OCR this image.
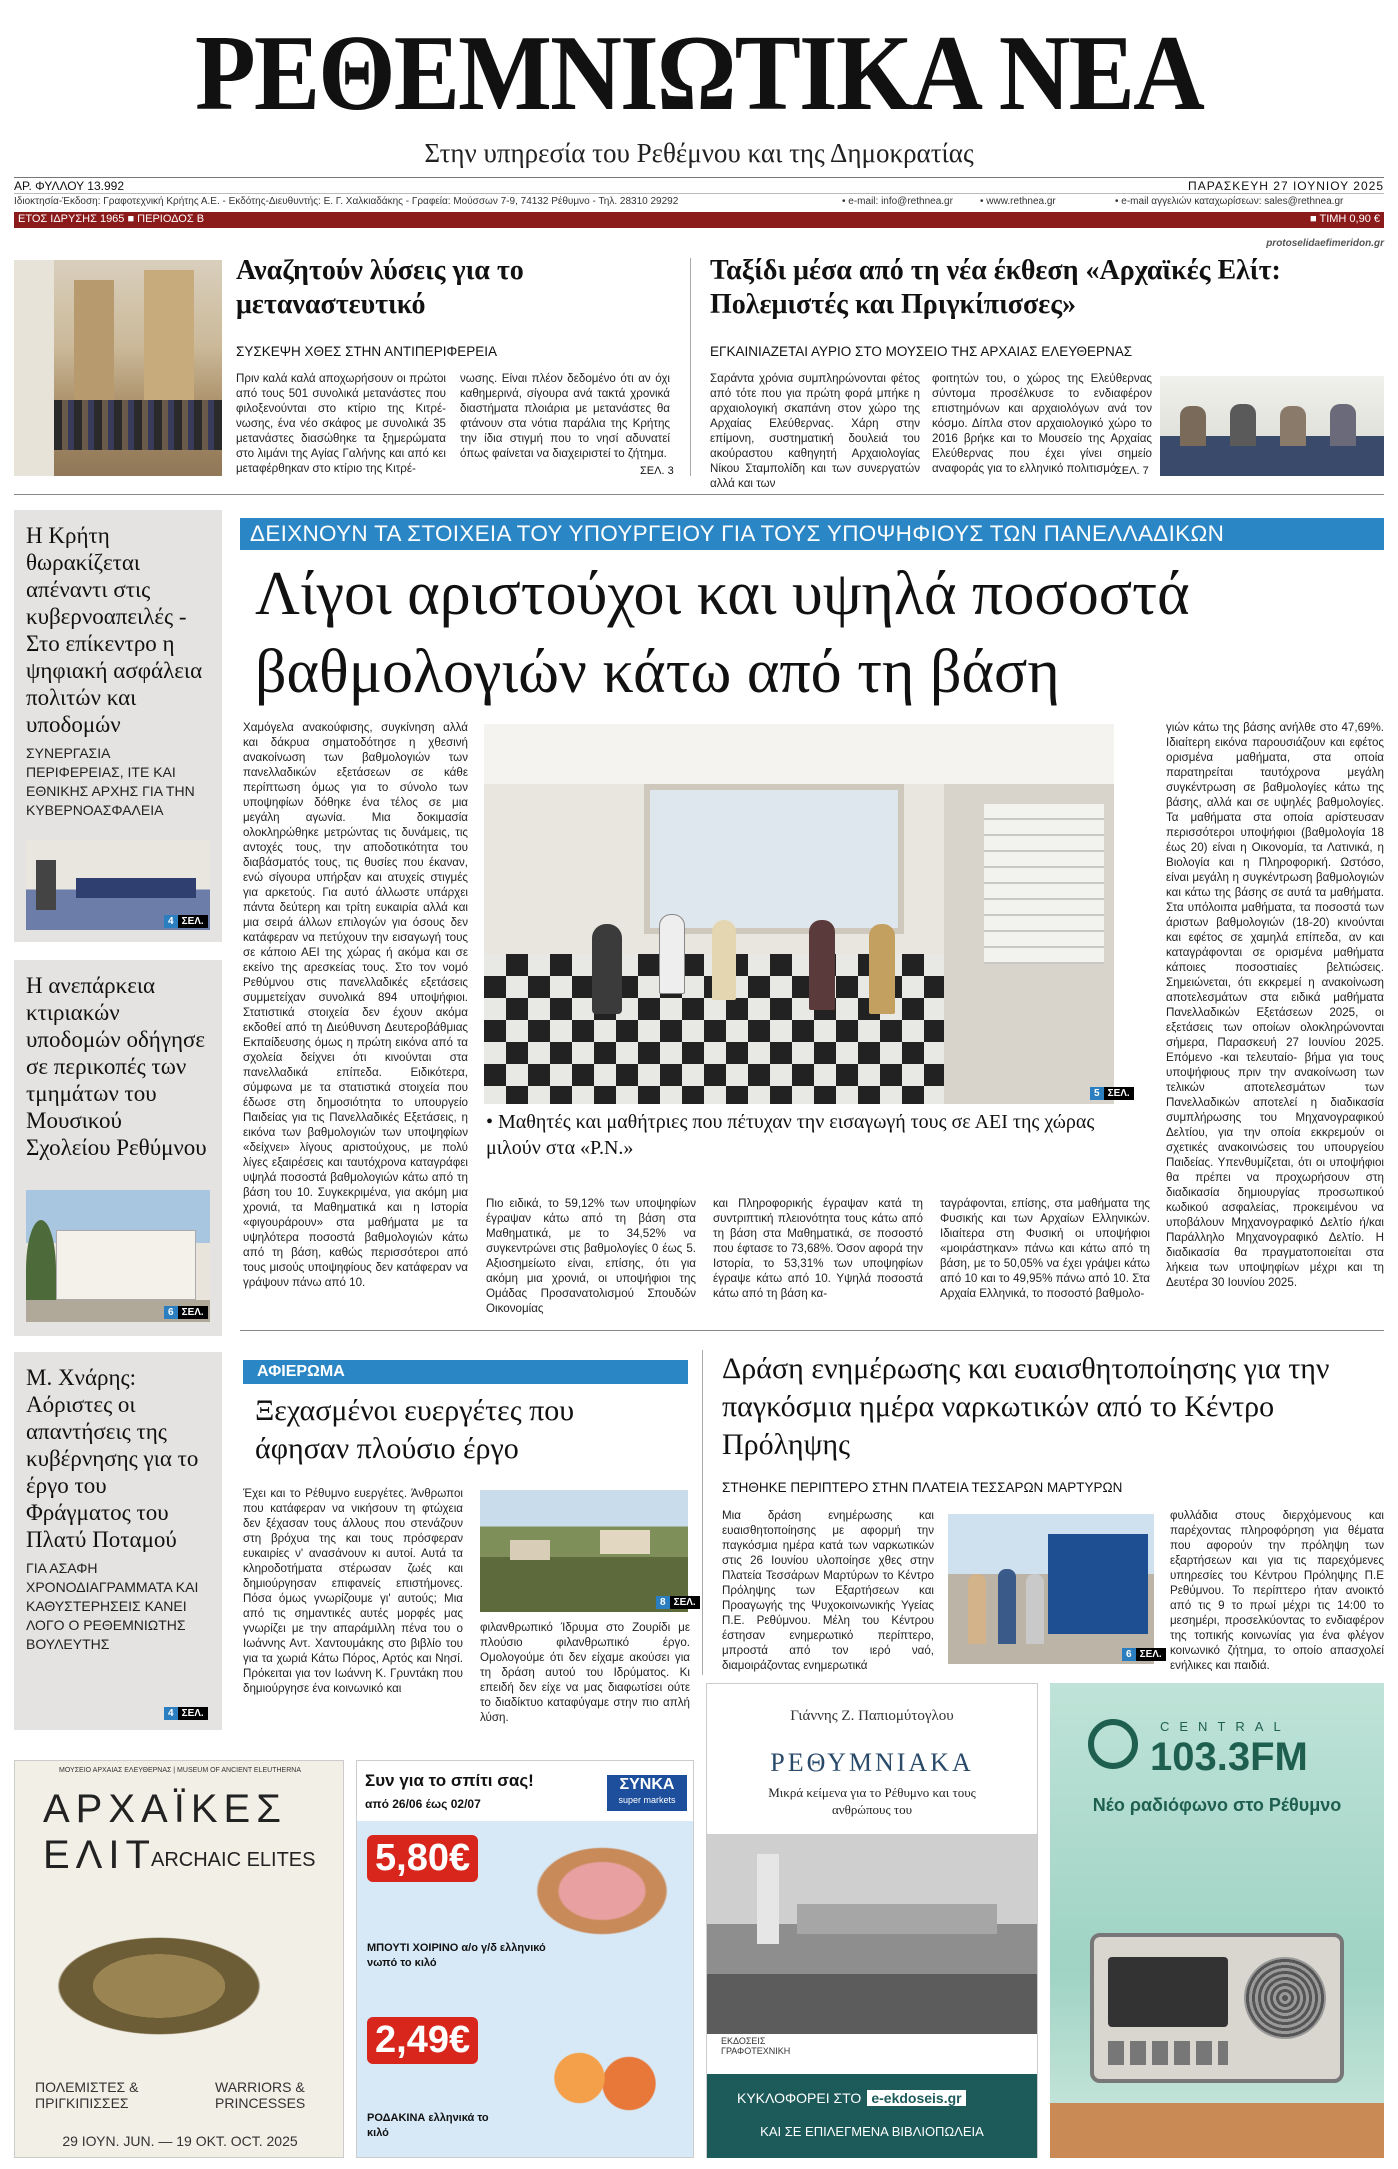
ΡΕΘΕΜΝΙΩΤΙΚΑ ΝΕΑ
Στην υπηρεσία του Ρεθέμνου και της Δημοκρατίας
ΑΡ. ΦΥΛΛΟΥ 13.992	ΠΑΡΑΣΚΕΥΗ 27 ΙΟΥΝΙΟΥ 2025
Ιδιοκτησία-Έκδοση: Γραφοτεχνική Κρήτης Α.Ε. - Εκδότης-Διευθυντής: Ε. Γ. Χαλκιαδάκης - Γραφεία: Μούσσων 7-9, 74132 Ρέθυμνο - Τηλ. 28310 29292	• e-mail: info@rethnea.gr	• www.rethnea.gr	• e-mail αγγελιών καταχωρίσεων: sales@rethnea.gr
ΕΤΟΣ ΙΔΡΥΣΗΣ 1965 ■ ΠΕΡΙΟΔΟΣ Β	■ ΤΙΜΗ 0,90 €
protoselidaefimeridon.gr
Αναζητούν λύσεις για το μεταναστευτικό
ΣΥΣΚΕΨΗ ΧΘΕΣ ΣΤΗΝ ΑΝΤΙΠΕΡΙΦΕΡΕΙΑ
Πριν καλά καλά αποχωρήσουν οι πρώτοι από τους 501 συνολικά μετανάστες που φιλοξενούνται στο κτίριο της Κιτρέ-νωσης, ένα νέο σκάφος με συνολικά 35 μετανάστες διασώθηκε τα ξημερώματα στο λιμάνι της Αγίας Γαλήνης και από κει μεταφέρθηκαν στο κτίριο της Κιτρέ-
νωσης. Είναι πλέον δεδομένο ότι αν όχι καθημερινά, σίγουρα ανά τακτά χρονικά διαστήματα πλοιάρια με μετανάστες θα φτάνουν στα νότια παράλια της Κρήτης την ίδια στιγμή που το νησί αδυνατεί όπως φαίνεται να διαχειριστεί το ζήτημα.
ΣΕΛ. 3
Ταξίδι μέσα από τη νέα έκθεση «Αρχαϊκές Ελίτ: Πολεμιστές και Πριγκίπισσες»
ΕΓΚΑΙΝΙΑΖΕΤΑΙ ΑΥΡΙΟ ΣΤΟ ΜΟΥΣΕΙΟ ΤΗΣ ΑΡΧΑΙΑΣ ΕΛΕΥΘΕΡΝΑΣ
Σαράντα χρόνια συμπληρώνονται φέτος από τότε που για πρώτη φορά μπήκε η αρχαιολογική σκαπάνη στον χώρο της Αρχαίας Ελεύθερνας. Χάρη στην επίμονη, συστηματική δουλειά του ακούραστου καθηγητή Αρχαιολογίας Νίκου Σταμπολίδη και των συνεργατών αλλά και των
φοιτητών του, ο χώρος της Ελεύθερνας σύντομα προσέλκυσε το ενδιαφέρον επιστημόνων και αρχαιολόγων ανά τον κόσμο. Δίπλα στον αρχαιολογικό χώρο το 2016 βρήκε και το Μουσείο της Αρχαίας Ελεύθερνας που έχει γίνει σημείο αναφοράς για το ελληνικό πολιτισμό.
ΣΕΛ. 7
Η Κρήτη θωρακίζεται απέναντι στις κυβερνοαπειλές - Στο επίκεντρο η ψηφιακή ασφάλεια πολιτών και υποδομών
ΣΥΝΕΡΓΑΣΙΑ ΠΕΡΙΦΕΡΕΙΑΣ, ΙΤΕ ΚΑΙ ΕΘΝΙΚΗΣ ΑΡΧΗΣ ΓΙΑ ΤΗΝ ΚΥΒΕΡΝΟΑΣΦΑΛΕΙΑ
4 ΣΕΛ.
Η ανεπάρκεια κτιριακών υποδομών οδήγησε σε περικοπές των τμημάτων του Μουσικού Σχολείου Ρεθύμνου
6 ΣΕΛ.
Μ. Χνάρης: Αόριστες οι απαντήσεις της κυβέρνησης για το έργο του Φράγματος του Πλατύ Ποταμού
ΓΙΑ ΑΣΑΦΗ ΧΡΟΝΟΔΙΑΓΡΑΜΜΑΤΑ ΚΑΙ ΚΑΘΥΣΤΕΡΗΣΕΙΣ ΚΑΝΕΙ ΛΟΓΟ Ο ΡΕΘΕΜΝΙΩΤΗΣ ΒΟΥΛΕΥΤΗΣ
4 ΣΕΛ.
ΔΕΙΧΝΟΥΝ ΤΑ ΣΤΟΙΧΕΙΑ ΤΟΥ ΥΠΟΥΡΓΕΙΟΥ ΓΙΑ ΤΟΥΣ ΥΠΟΨΗΦΙΟΥΣ ΤΩΝ ΠΑΝΕΛΛΑΔΙΚΩΝ
Λίγοι αριστούχοι και υψηλά ποσοστά
βαθμολογιών κάτω από τη βάση
Χαμόγελα ανακούφισης, συγκίνηση αλλά και δάκρυα σηματοδότησε η χθεσινή ανακοίνωση των βαθμολογιών των πανελλαδικών εξετάσεων σε κάθε περίπτωση όμως για το σύνολο των υποψηφίων δόθηκε ένα τέλος σε μια μεγάλη αγωνία. Μια δοκιμασία ολοκληρώθηκε μετρώντας τις δυνάμεις, τις αντοχές τους, την αποδοτικότητα του διαβάσματός τους, τις θυσίες που έκαναν, ενώ σίγουρα υπήρξαν και ατυχείς στιγμές για αρκετούς. Για αυτό άλλωστε υπάρχει πάντα δεύτερη και τρίτη ευκαιρία αλλά και μια σειρά άλλων επιλογών για όσους δεν κατάφεραν να πετύχουν την εισαγωγή τους σε κάποιο ΑΕΙ της χώρας ή ακόμα και σε εκείνο της αρεσκείας τους. Στο τον νομό Ρεθύμνου στις πανελλαδικές εξετάσεις συμμετείχαν συνολικά 894 υποψήφιοι. Στατιστικά στοιχεία δεν έχουν ακόμα εκδοθεί από τη Διεύθυνση Δευτεροβάθμιας Εκπαίδευσης όμως η πρώτη εικόνα από τα σχολεία δείχνει ότι κινούνται στα πανελλαδικά επίπεδα. Ειδικότερα, σύμφωνα με τα στατιστικά στοιχεία που έδωσε στη δημοσιότητα το υπουργείο Παιδείας για τις Πανελλαδικές Εξετάσεις, η εικόνα των βαθμολογιών των υποψηφίων «δείχνει» λίγους αριστούχους, με πολύ λίγες εξαιρέσεις και ταυτόχρονα καταγράφει υψηλά ποσοστά βαθμολογιών κάτω από τη βάση του 10. Συγκεκριμένα, για ακόμη μια χρονιά, τα Μαθηματικά και η Ιστορία «φιγουράρουν» στα μαθήματα με τα υψηλότερα ποσοστά βαθμολογιών κάτω από τη βάση, καθώς περισσότεροι από τους μισούς υποψηφίους δεν κατάφεραν να γράψουν πάνω από 10.
5 ΣΕΛ.
• Μαθητές και μαθήτριες που πέτυχαν την εισαγωγή τους σε ΑΕΙ της χώρας μιλούν στα «Ρ.Ν.»
Πιο ειδικά, το 59,12% των υποψηφίων έγραψαν κάτω από τη βάση στα Μαθηματικά, με το 34,52% να συγκεντρώνει στις βαθμολογίες 0 έως 5. Αξιοσημείωτο είναι, επίσης, ότι για ακόμη μια χρονιά, οι υποψήφιοι της Ομάδας Προσανατολισμού Σπουδών Οικονομίας
και Πληροφορικής έγραψαν κατά τη συντριπτική πλειονότητα τους κάτω από τη βάση στα Μαθηματικά, σε ποσοστό που έφτασε το 73,68%. Όσον αφορά την Ιστορία, το 53,31% των υποψηφίων έγραψε κάτω από 10. Υψηλά ποσοστά κάτω από τη βάση κα-
ταγράφονται, επίσης, στα μαθήματα της Φυσικής και των Αρχαίων Ελληνικών. Ιδιαίτερα στη Φυσική οι υποψήφιοι «μοιράστηκαν» πάνω και κάτω από τη βάση, με το 50,05% να έχει γράψει κάτω από 10 και το 49,95% πάνω από 10. Στα Αρχαία Ελληνικά, το ποσοστό βαθμολο-
γιών κάτω της βάσης ανήλθε στο 47,69%. Ιδιαίτερη εικόνα παρουσιάζουν και εφέτος ορισμένα μαθήματα, στα οποία παρατηρείται ταυτόχρονα μεγάλη συγκέντρωση σε βαθμολογίες κάτω της βάσης, αλλά και σε υψηλές βαθμολογίες. Τα μαθήματα στα οποία αρίστευσαν περισσότεροι υποψήφιοι (βαθμολογία 18 έως 20) είναι η Οικονομία, τα Λατινικά, η Βιολογία και η Πληροφορική. Ωστόσο, είναι μεγάλη η συγκέντρωση βαθμολογιών και κάτω της βάσης σε αυτά τα μαθήματα. Στα υπόλοιπα μαθήματα, τα ποσοστά των άριστων βαθμολογιών (18-20) κινούνται και εφέτος σε χαμηλά επίπεδα, αν και καταγράφονται σε ορισμένα μαθήματα κάποιες ποσοστιαίες βελτιώσεις. Σημειώνεται, ότι εκκρεμεί η ανακοίνωση αποτελεσμάτων στα ειδικά μαθήματα Πανελλαδικών Εξετάσεων 2025, οι εξετάσεις των οποίων ολοκληρώνονται σήμερα, Παρασκευή 27 Ιουνίου 2025. Επόμενο -και τελευταίο- βήμα για τους υποψήφιους πριν την ανακοίνωση των τελικών αποτελεσμάτων των Πανελλαδικών αποτελεί η διαδικασία συμπλήρωσης του Μηχανογραφικού Δελτίου, για την οποία εκκρεμούν οι σχετικές ανακοινώσεις του υπουργείου Παιδείας. Υπενθυμίζεται, ότι οι υποψήφιοι θα πρέπει να προχωρήσουν στη διαδικασία δημιουργίας προσωπικού κωδικού ασφαλείας, προκειμένου να υποβάλουν Μηχανογραφικό Δελτίο ή/και Παράλληλο Μηχανογραφικό Δελτίο. Η διαδικασία θα πραγματοποιείται στα λήκεια των υποψηφίων μέχρι και τη Δευτέρα 30 Ιουνίου 2025.
ΑΦΙΕΡΩΜΑ
Ξεχασμένοι ευεργέτες που άφησαν πλούσιο έργο
Έχει και το Ρέθυμνο ευεργέτες. Άνθρωποι που κατάφεραν να νικήσουν τη φτώχεια δεν ξέχασαν τους άλλους που στενάζουν στη βρόχυα της και τους πρόσφεραν ευκαιρίες ν' ανασάνουν κι αυτοί. Αυτά τα κληροδοτήματα στέρωσαν ζωές και δημιούργησαν επιφανείς επιστήμονες. Πόσα όμως γνωρίζουμε γι' αυτούς; Μια από τις σημαντικές αυτές μορφές μας γνωρίζει με την απαράμιλλη πένα του ο Ιωάννης Αντ. Χαντουμάκης στο βιβλίο του για τα χωριά Κάτω Πόρος, Αρτός και Νησί. Πρόκειται για τον Ιωάννη Κ. Γρυντάκη που δημιούργησε ένα κοινωνικό και
8 ΣΕΛ.
φιλανθρωπικό Ίδρυμα στο Ζουρίδι με πλούσιο φιλανθρωπικό έργο. Ομολογούμε ότι δεν είχαμε ακούσει για τη δράση αυτού του Ιδρύματος. Κι επειδή δεν είχε να μας διαφωτίσει ούτε το διαδίκτυο καταφύγαμε στην πιο απλή λύση.
Δράση ενημέρωσης και ευαισθητοποίησης για την παγκόσμια ημέρα ναρκωτικών από το Κέντρο Πρόληψης
ΣΤΗΘΗΚΕ ΠΕΡΙΠΤΕΡΟ ΣΤΗΝ ΠΛΑΤΕΙΑ ΤΕΣΣΑΡΩΝ ΜΑΡΤΥΡΩΝ
Μια δράση ενημέρωσης και ευαισθητοποίησης με αφορμή την παγκόσμια ημέρα κατά των ναρκωτικών στις 26 Ιουνίου υλοποίησε χθες στην Πλατεία Τεσσάρων Μαρτύρων το Κέντρο Πρόληψης των Εξαρτήσεων και Προαγωγής της Ψυχοκοινωνικής Υγείας Π.Ε. Ρεθύμνου. Μέλη του Κέντρου έστησαν ενημερωτικό περίπτερο, μπροστά από τον ιερό ναό, διαμοιράζοντας ενημερωτικά
6 ΣΕΛ.
φυλλάδια στους διερχόμενους και παρέχοντας πληροφόρηση για θέματα που αφορούν την πρόληψη των εξαρτήσεων και για τις παρεχόμενες υπηρεσίες του Κέντρου Πρόληψης Π.Ε Ρεθύμνου. Το περίπτερο ήταν ανοικτό από τις 9 το πρωί μέχρι τις 14:00 το μεσημέρι, προσελκύοντας το ενδιαφέρον της τοπικής κοινωνίας για ένα φλέγον κοινωνικό ζήτημα, το οποίο απασχολεί ενήλικες και παιδιά.
Γιάννης Ζ. Παπιομύτογλου
ΡΕΘΥΜΝΙΑΚΑ
Μικρά κείμενα για το Ρέθυμνο και τους ανθρώπους του
ΕΚΔΟΣΕΙΣ ΓΡΑΦΟΤΕΧΝΙΚΗ
ΚΥΚΛΟΦΟΡΕΙ ΣΤΟ e-ekdoseis.gr
ΚΑΙ ΣΕ ΕΠΙΛΕΓΜΕΝΑ ΒΙΒΛΙΟΠΩΛΕΙΑ
CENTRAL
103.3FM
Νέο ραδιόφωνο στο Ρέθυμνο
ΜΟΥΣΕΙΟ ΑΡΧΑΙΑΣ ΕΛΕΥΘΕΡΝΑΣ | MUSEUM OF ANCIENT ELEUTHERNA
ΑΡΧΑΪΚΕΣ
ΕΛΙΤ
ARCHAIC ELITES
ΠΟΛΕΜΙΣΤΕΣ & ΠΡΙΓΚΙΠΙΣΣΕΣ
WARRIORS & PRINCESSES
29 ΙΟΥΝ. JUN. — 19 ΟΚΤ. OCT. 2025
Συν για το σπίτι σας!
από 26/06 έως 02/07
ΣΥΝΚΑ
super markets
5,80€
ΜΠΟΥΤΙ ΧΟΙΡΙΝΟ α/ο γ/δ ελληνικό νωπό το κιλό
2,49€
ΡΟΔΑΚΙΝΑ ελληνικά το κιλό
